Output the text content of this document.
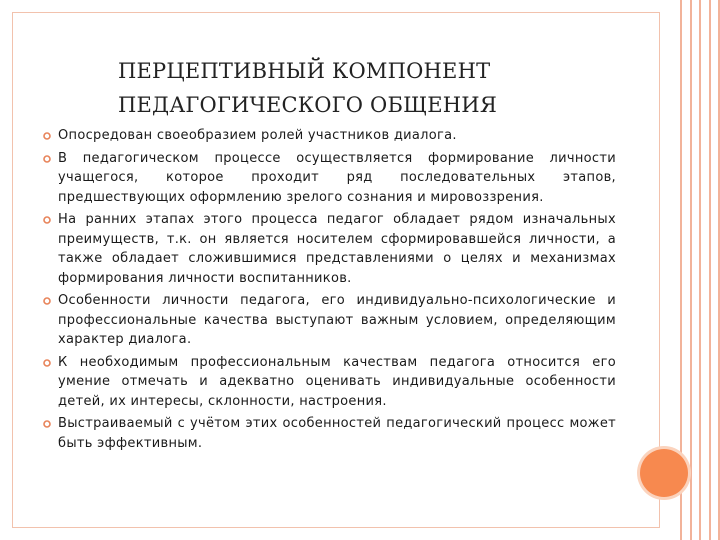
ПЕРЦЕПТИВНЫЙ КОМПОНЕНТ
ПЕДАГОГИЧЕСКОГО ОБЩЕНИЯ
Опосредован своеобразием ролей участников диалога.
В педагогическом процессе осуществляется формирование личности учащегося, которое проходит ряд последовательных этапов, предшествующих оформлению зрелого сознания и мировоззрения.
На ранних этапах этого процесса педагог обладает рядом изначальных преимуществ, т.к. он является носителем сформировавшейся личности, а также обладает сложившимися представлениями о целях и механизмах формирования личности воспитанников.
Особенности личности педагога, его индивидуально-психологические и профессиональные качества выступают важным условием, определяющим характер диалога.
К необходимым профессиональным качествам педагога относится его умение отмечать и адекватно оценивать индивидуальные особенности детей, их интересы, склонности, настроения.
Выстраиваемый с учётом этих особенностей педагогический процесс может быть эффективным.
